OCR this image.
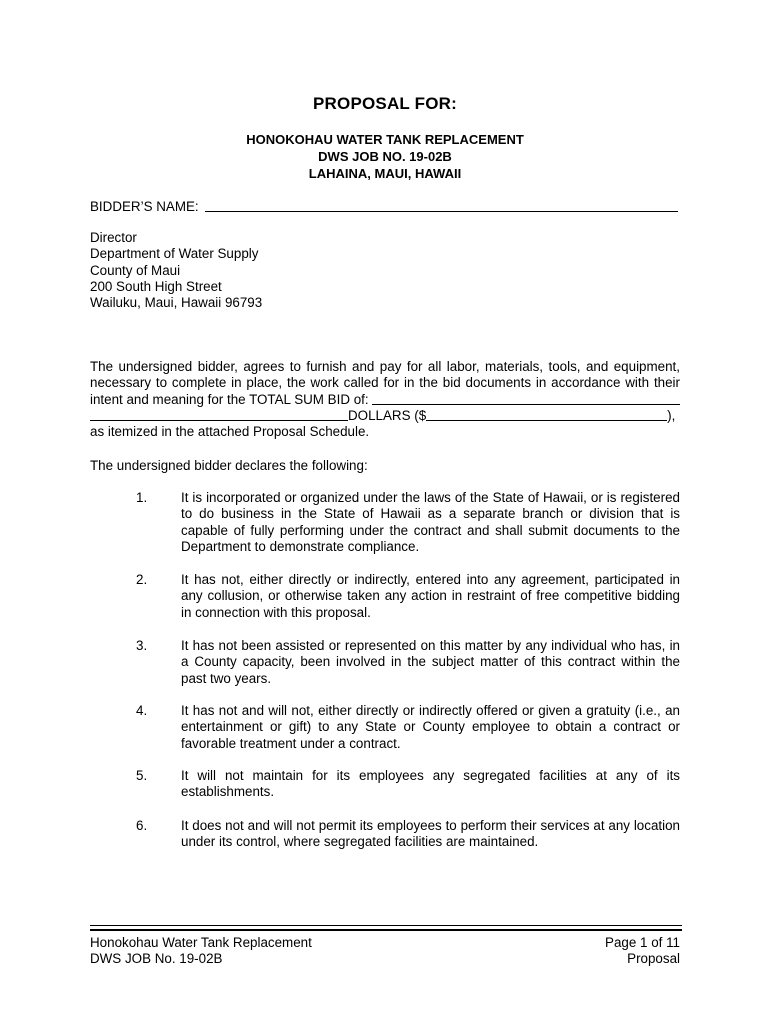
PROPOSAL FOR:
HONOKOHAU WATER TANK REPLACEMENT
DWS JOB NO. 19-02B
LAHAINA, MAUI, HAWAII
BIDDER’S NAME:
Director
Department of Water Supply
County of Maui
200 South High Street
Wailuku, Maui, Hawaii 96793
The undersigned bidder, agrees to furnish and pay for all labor, materials, tools, and equipment,
necessary to complete in place, the work called for in the bid documents in accordance with their
intent and meaning for the TOTAL SUM BID of:
DOLLARS ($	),
as itemized in the attached Proposal Schedule.
The undersigned bidder declares the following:
1.	It is incorporated or organized under the laws of the State of Hawaii, or is registered to do business in the State of Hawaii as a separate branch or division that is capable of fully performing under the contract and shall submit documents to the Department to demonstrate compliance.
2.	It has not, either directly or indirectly, entered into any agreement, participated in any collusion, or otherwise taken any action in restraint of free competitive bidding in connection with this proposal.
3.	It has not been assisted or represented on this matter by any individual who has, in a County capacity, been involved in the subject matter of this contract within the past two years.
4.	It has not and will not, either directly or indirectly offered or given a gratuity (i.e., an entertainment or gift) to any State or County employee to obtain a contract or favorable treatment under a contract.
5.	It will not maintain for its employees any segregated facilities at any of its establishments.
6.	It does not and will not permit its employees to perform their services at any location under its control, where segregated facilities are maintained.
Honokohau Water Tank Replacement
DWS JOB No. 19-02B
Page 1 of 11
Proposal
